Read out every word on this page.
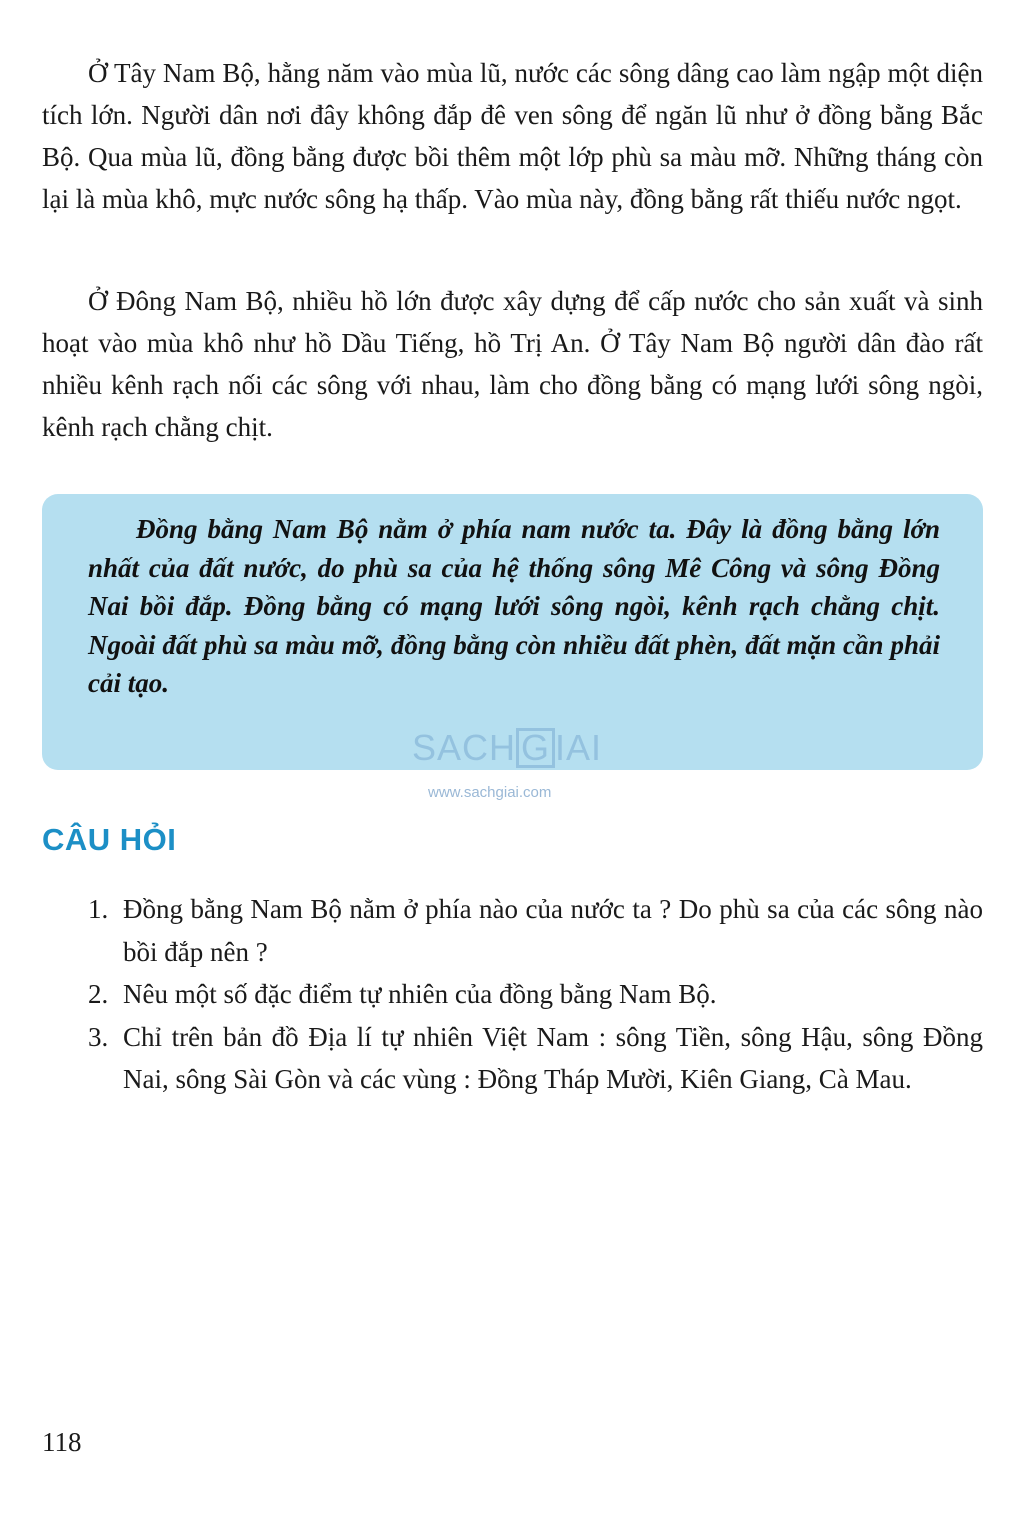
Ở Tây Nam Bộ, hằng năm vào mùa lũ, nước các sông dâng cao làm ngập một diện tích lớn. Người dân nơi đây không đắp đê ven sông để ngăn lũ như ở đồng bằng Bắc Bộ. Qua mùa lũ, đồng bằng được bồi thêm một lớp phù sa màu mỡ. Những tháng còn lại là mùa khô, mực nước sông hạ thấp. Vào mùa này, đồng bằng rất thiếu nước ngọt.

Ở Đông Nam Bộ, nhiều hồ lớn được xây dựng để cấp nước cho sản xuất và sinh hoạt vào mùa khô như hồ Dầu Tiếng, hồ Trị An. Ở Tây Nam Bộ người dân đào rất nhiều kênh rạch nối các sông với nhau, làm cho đồng bằng có mạng lưới sông ngòi, kênh rạch chằng chịt.

Đồng bằng Nam Bộ nằm ở phía nam nước ta. Đây là đồng bằng lớn nhất của đất nước, do phù sa của hệ thống sông Mê Công và sông Đồng Nai bồi đắp. Đồng bằng có mạng lưới sông ngòi, kênh rạch chằng chịt. Ngoài đất phù sa màu mỡ, đồng bằng còn nhiều đất phèn, đất mặn cần phải cải tạo.

SACH G IAI
www.sachgiai.com
CÂU HỎI
1. Đồng bằng Nam Bộ nằm ở phía nào của nước ta ? Do phù sa của các sông nào bồi đắp nên ?
2. Nêu một số đặc điểm tự nhiên của đồng bằng Nam Bộ.
3. Chỉ trên bản đồ Địa lí tự nhiên Việt Nam : sông Tiền, sông Hậu, sông Đồng Nai, sông Sài Gòn và các vùng : Đồng Tháp Mười, Kiên Giang, Cà Mau.

118
